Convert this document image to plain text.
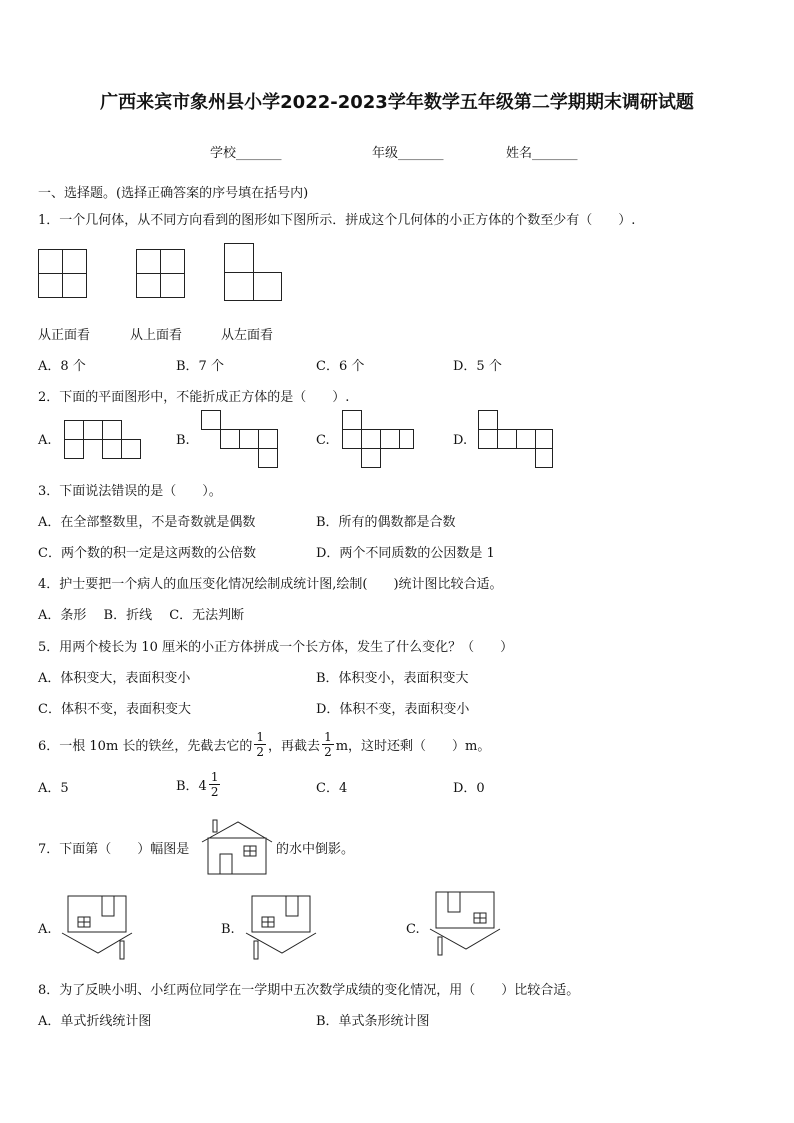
广西来宾市象州县小学2022-2023学年数学五年级第二学期期末调研试题
学校_______	年级_______	姓名_______
一、选择题。(选择正确答案的序号填在括号内)
1．一个几何体，从不同方向看到的图形如下图所示．拼成这个几何体的小正方体的个数至少有（　　）.
从正面看	从上面看	从左面看
A．8 个	B．7 个	C．6 个	D．5 个
2．下面的平面图形中，不能折成正方体的是（　　）.
A.	B.	C.	D.
3．下面说法错误的是（　　）。
A．在全部整数里，不是奇数就是偶数	B．所有的偶数都是合数
C．两个数的积一定是这两数的公倍数	D．两个不同质数的公因数是 1
4．护士要把一个病人的血压变化情况绘制成统计图,绘制(　　)统计图比较合适。
A．条形　 B．折线　 C．无法判断
5．用两个棱长为 10 厘米的小正方体拼成一个长方体，发生了什么变化？（　　）
A．体积变大，表面积变小	B．体积变小，表面积变大
C．体积不变，表面积变大	D．体积不变，表面积变小
6．一根 10m 长的铁丝，先截去它的 $\frac{1}{2}$ ，再截去 $\frac{1}{2}$ m，这时还剩（　　）m。
A．5	B．$4 \frac{1}{2}$	C．4	D．0
7．下面第（　　）幅图是	的水中倒影。
A.	B.	C.
8．为了反映小明、小红两位同学在一学期中五次数学成绩的变化情况，用（　　）比较合适。
A．单式折线统计图	B．单式条形统计图
